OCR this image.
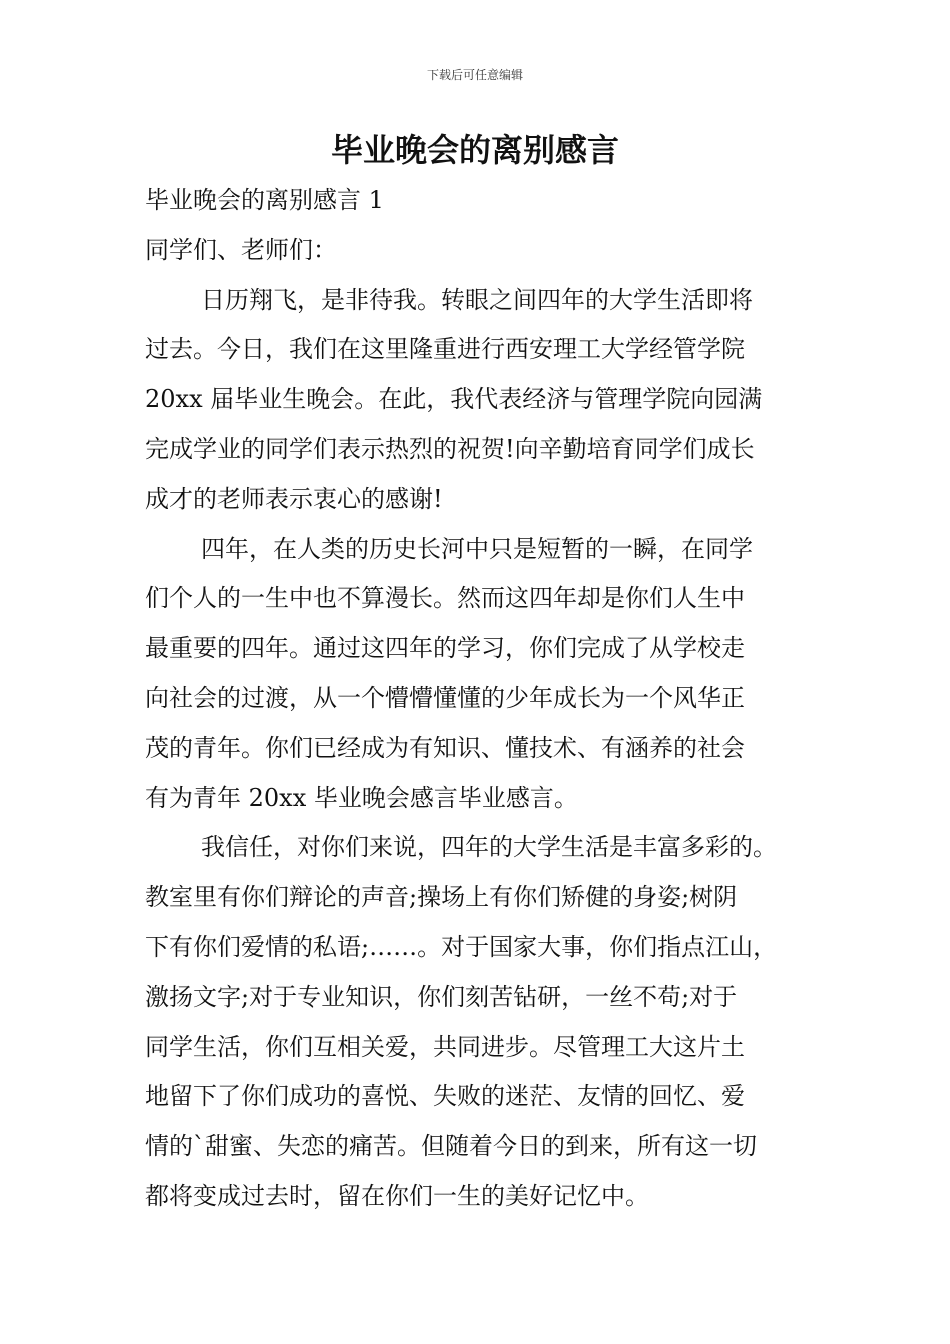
下载后可任意编辑
毕业晚会的离别感言

毕业晚会的离别感言 1

同学们、老师们：

日历翔飞，是非待我。转眼之间四年的大学生活即将
过去。今日，我们在这里隆重进行西安理工大学经管学院
20xx 届毕业生晚会。在此，我代表经济与管理学院向园满
完成学业的同学们表示热烈的祝贺!向辛勤培育同学们成长
成才的老师表示衷心的感谢!

四年，在人类的历史长河中只是短暂的一瞬，在同学
们个人的一生中也不算漫长。然而这四年却是你们人生中
最重要的四年。通过这四年的学习，你们完成了从学校走
向社会的过渡，从一个懵懵懂懂的少年成长为一个风华正
茂的青年。你们已经成为有知识、懂技术、有涵养的社会
有为青年 20xx 毕业晚会感言毕业感言。

我信任，对你们来说，四年的大学生活是丰富多彩的。
教室里有你们辩论的声音;操场上有你们矫健的身姿;树阴
下有你们爱情的私语;……。对于国家大事，你们指点江山，
激扬文字;对于专业知识，你们刻苦钻研，一丝不苟;对于
同学生活，你们互相关爱，共同进步。尽管理工大这片土
地留下了你们成功的喜悦、失败的迷茫、友情的回忆、爱
情的`甜蜜、失恋的痛苦。但随着今日的到来，所有这一切
都将变成过去时，留在你们一生的美好记忆中。
